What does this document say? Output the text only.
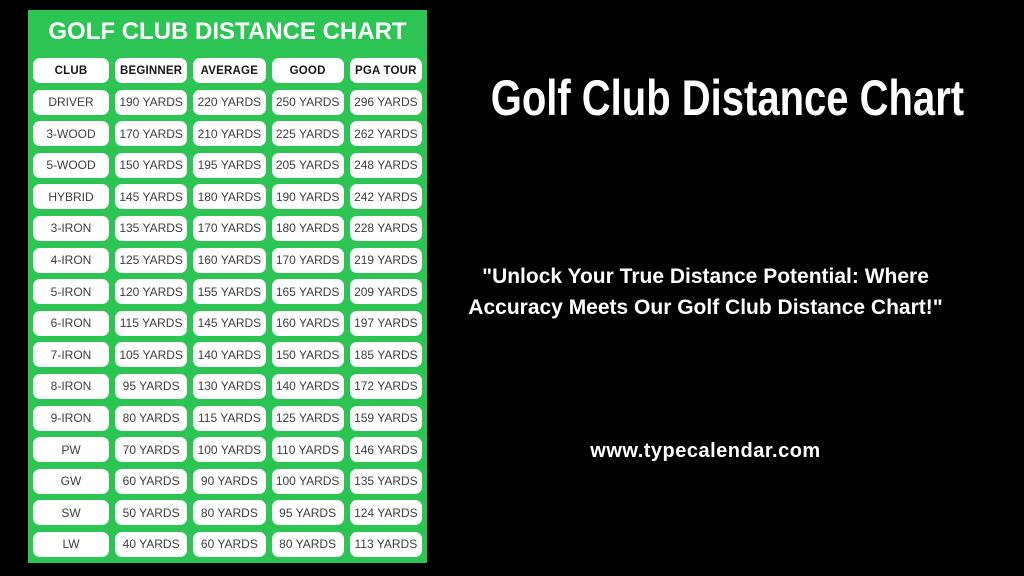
GOLF CLUB DISTANCE CHART
CLUB	BEGINNER	AVERAGE	GOOD	PGA TOUR
DRIVER	190 YARDS	220 YARDS	250 YARDS	296 YARDS
3-WOOD	170 YARDS	210 YARDS	225 YARDS	262 YARDS
5-WOOD	150 YARDS	195 YARDS	205 YARDS	248 YARDS
HYBRID	145 YARDS	180 YARDS	190 YARDS	242 YARDS
3-IRON	135 YARDS	170 YARDS	180 YARDS	228 YARDS
4-IRON	125 YARDS	160 YARDS	170 YARDS	219 YARDS
5-IRON	120 YARDS	155 YARDS	165 YARDS	209 YARDS
6-IRON	115 YARDS	145 YARDS	160 YARDS	197 YARDS
7-IRON	105 YARDS	140 YARDS	150 YARDS	185 YARDS
8-IRON	95 YARDS	130 YARDS	140 YARDS	172 YARDS
9-IRON	80 YARDS	115 YARDS	125 YARDS	159 YARDS
PW	70 YARDS	100 YARDS	110 YARDS	146 YARDS
GW	60 YARDS	90 YARDS	100 YARDS	135 YARDS
SW	50 YARDS	80 YARDS	95 YARDS	124 YARDS
LW	40 YARDS	60 YARDS	80 YARDS	113 YARDS
Golf Club Distance Chart
"Unlock Your True Distance Potential: Where Accuracy Meets Our Golf Club Distance Chart!"
www.typecalendar.com
